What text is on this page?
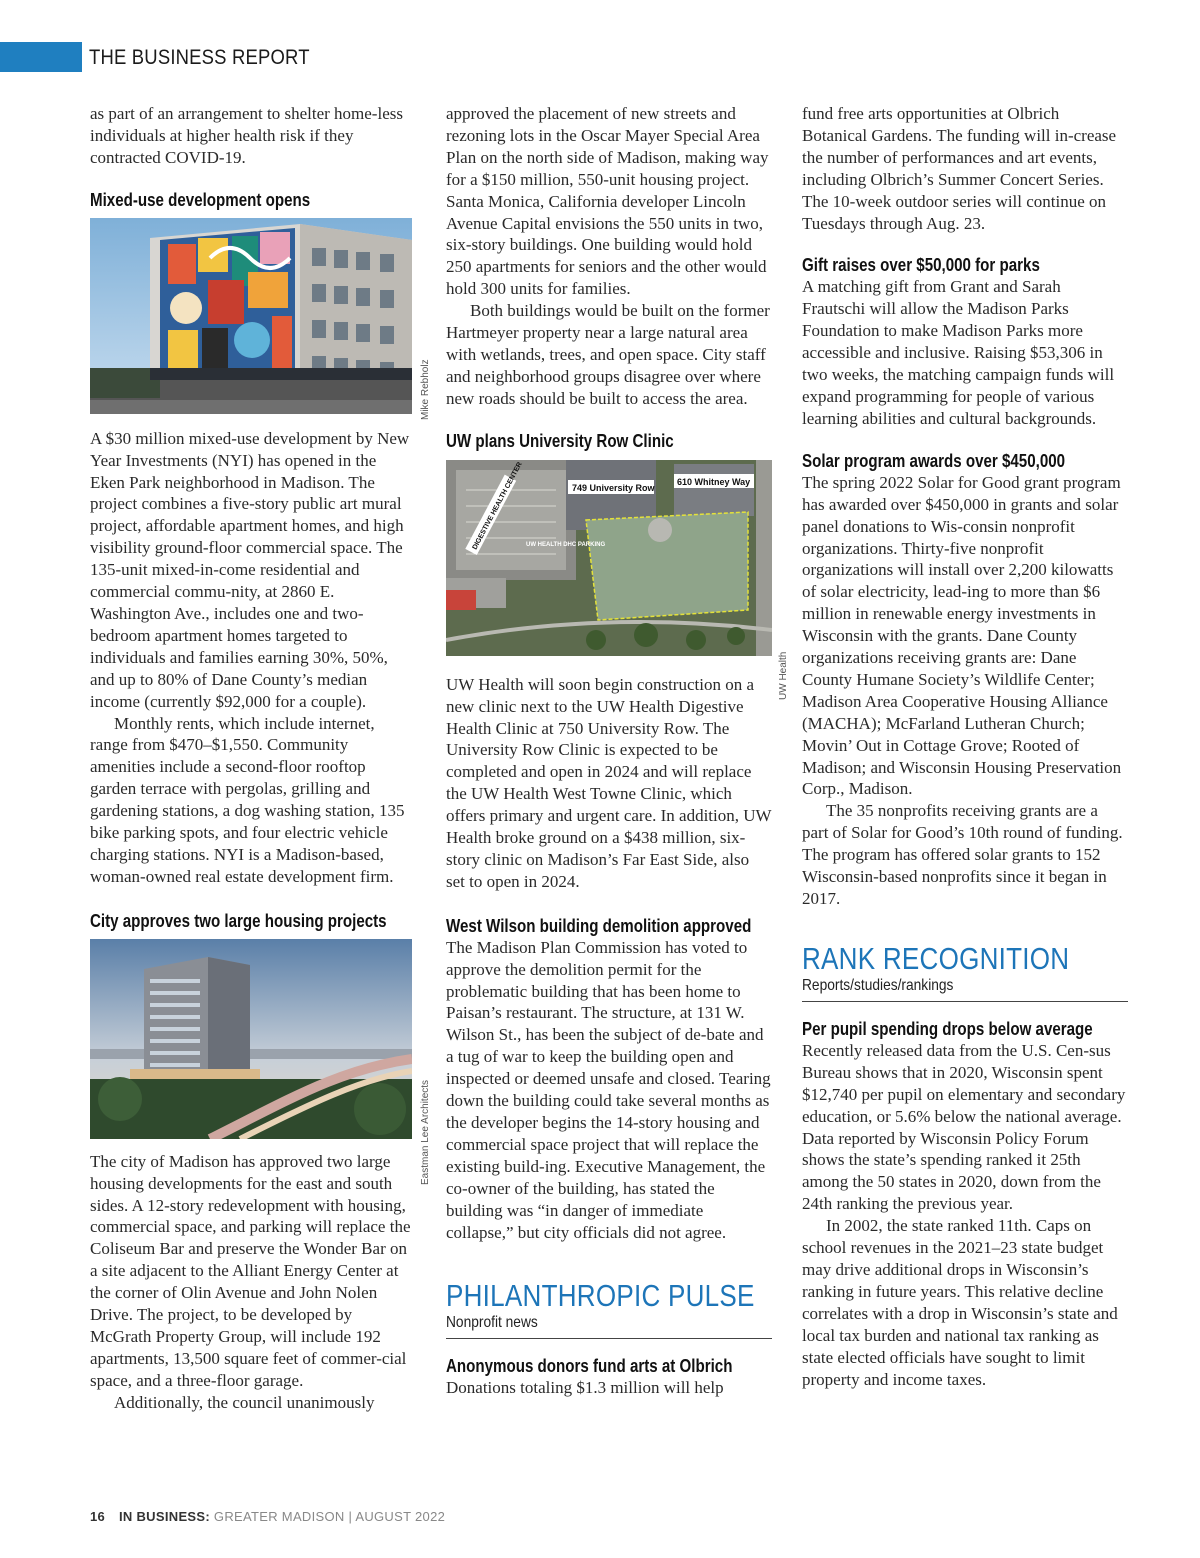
THE BUSINESS REPORT

as part of an arrangement to shelter home-less individuals at higher health risk if they contracted COVID-19.

Mixed-use development opens

A $30 million mixed-use development by New Year Investments (NYI) has opened in the Eken Park neighborhood in Madison. The project combines a five-story public art mural project, affordable apartment homes, and high visibility ground-floor commercial space. The 135-unit mixed-in-come residential and commercial commu-nity, at 2860 E. Washington Ave., includes one and two-bedroom apartment homes targeted to individuals and families earning 30%, 50%, and up to 80% of Dane County’s median income (currently $92,000 for a couple).

Monthly rents, which include internet, range from $470–$1,550. Community amenities include a second-floor rooftop garden terrace with pergolas, grilling and gardening stations, a dog washing station, 135 bike parking spots, and four electric vehicle charging stations. NYI is a Madison-based, woman-owned real estate development firm.

City approves two large housing projects

The city of Madison has approved two large housing developments for the east and south sides. A 12-story redevelopment with housing, commercial space, and parking will replace the Coliseum Bar and preserve the Wonder Bar on a site adjacent to the Alliant Energy Center at the corner of Olin Avenue and John Nolen Drive. The project, to be developed by McGrath Property Group, will include 192 apartments, 13,500 square feet of commer-cial space, and a three-floor garage.

Additionally, the council unanimously

Mike Rebholz
Eastman Lee Architects

approved the placement of new streets and rezoning lots in the Oscar Mayer Special Area Plan on the north side of Madison, making way for a $150 million, 550-unit housing project. Santa Monica, California developer Lincoln Avenue Capital envisions the 550 units in two, six-story buildings. One building would hold 250 apartments for seniors and the other would hold 300 units for families.

Both buildings would be built on the former Hartmeyer property near a large natural area with wetlands, trees, and open space. City staff and neighborhood groups disagree over where new roads should be built to access the area.

UW plans University Row Clinic
749 University Row
610 Whitney Way
DIGESTIVE HEALTH CENTER UW HEALTH DHC PARKING

UW Health will soon begin construction on a new clinic next to the UW Health Digestive Health Clinic at 750 University Row. The University Row Clinic is expected to be completed and open in 2024 and will replace the UW Health West Towne Clinic, which offers primary and urgent care. In addition, UW Health broke ground on a $438 million, six-story clinic on Madison’s Far East Side, also set to open in 2024.

West Wilson building demolition approved

The Madison Plan Commission has voted to approve the demolition permit for the problematic building that has been home to Paisan’s restaurant. The structure, at 131 W. Wilson St., has been the subject of de-bate and a tug of war to keep the building open and inspected or deemed unsafe and closed. Tearing down the building could take several months as the developer begins the 14-story housing and commercial space project that will replace the existing build-ing. Executive Management, the co-owner of the building, has stated the building was “in danger of immediate collapse,” but city officials did not agree.

PHILANTHROPIC PULSE
Nonprofit news
Anonymous donors fund arts at Olbrich

Donations totaling $1.3 million will help

UW Health

fund free arts opportunities at Olbrich Botanical Gardens. The funding will in-crease the number of performances and art events, including Olbrich’s Summer Concert Series. The 10-week outdoor series will continue on Tuesdays through Aug. 23.

Gift raises over $50,000 for parks

A matching gift from Grant and Sarah Frautschi will allow the Madison Parks Foundation to make Madison Parks more accessible and inclusive. Raising $53,306 in two weeks, the matching campaign funds will expand programming for people of various learning abilities and cultural backgrounds.

Solar program awards over $450,000

The spring 2022 Solar for Good grant program has awarded over $450,000 in grants and solar panel donations to Wis-consin nonprofit organizations. Thirty-five nonprofit organizations will install over 2,200 kilowatts of solar electricity, lead-ing to more than $6 million in renewable energy investments in Wisconsin with the grants. Dane County organizations receiving grants are: Dane County Humane Society’s Wildlife Center; Madison Area Cooperative Housing Alliance (MACHA); McFarland Lutheran Church; Movin’ Out in Cottage Grove; Rooted of Madison; and Wisconsin Housing Preservation Corp., Madison.

The 35 nonprofits receiving grants are a part of Solar for Good’s 10th round of funding. The program has offered solar grants to 152 Wisconsin-based nonprofits since it began in 2017.

RANK RECOGNITION
Reports/studies/rankings
Per pupil spending drops below average

Recently released data from the U.S. Cen-sus Bureau shows that in 2020, Wisconsin spent $12,740 per pupil on elementary and secondary education, or 5.6% below the national average. Data reported by Wisconsin Policy Forum shows the state’s spending ranked it 25th among the 50 states in 2020, down from the 24th ranking the previous year.

In 2002, the state ranked 11th. Caps on school revenues in the 2021–23 state budget may drive additional drops in Wisconsin’s ranking in future years. This relative decline correlates with a drop in Wisconsin’s state and local tax burden and national tax ranking as state elected officials have sought to limit property and income taxes.

16 IN BUSINESS: GREATER MADISON | AUGUST 2022
